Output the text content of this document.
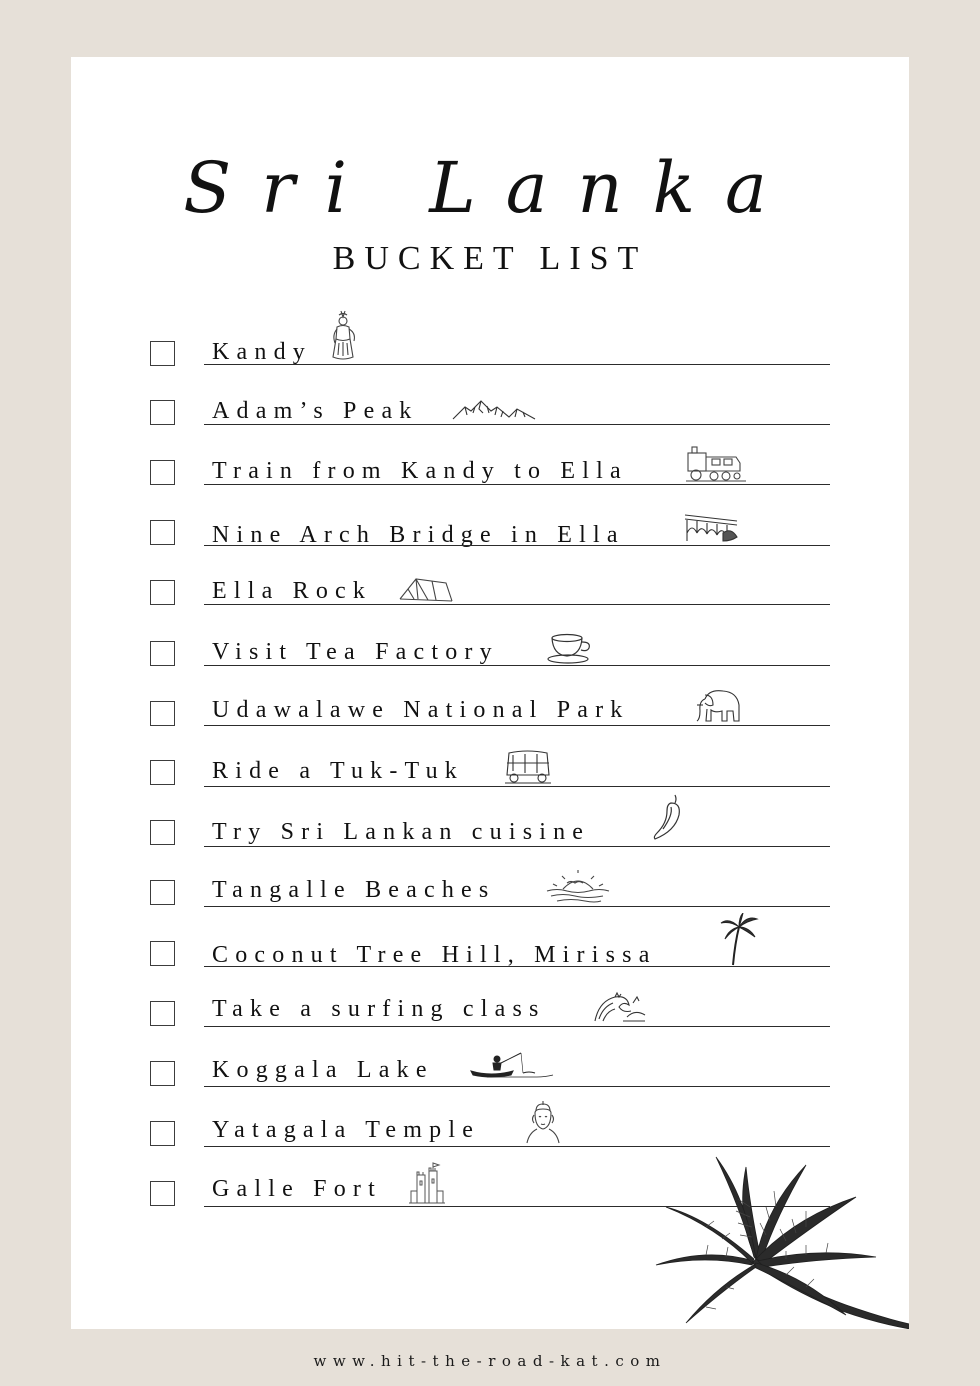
Sri Lanka
BUCKET LIST
Kandy
Adam’s Peak
Train from Kandy to Ella
Nine Arch Bridge in Ella
Ella Rock
Visit Tea Factory
Udawalawe National Park
Ride a Tuk-Tuk
Try Sri Lankan cuisine
Tangalle Beaches
Coconut Tree Hill, Mirissa
Take a surfing class
Koggala Lake
Yatagala Temple
Galle Fort
www.hit-the-road-kat.com
